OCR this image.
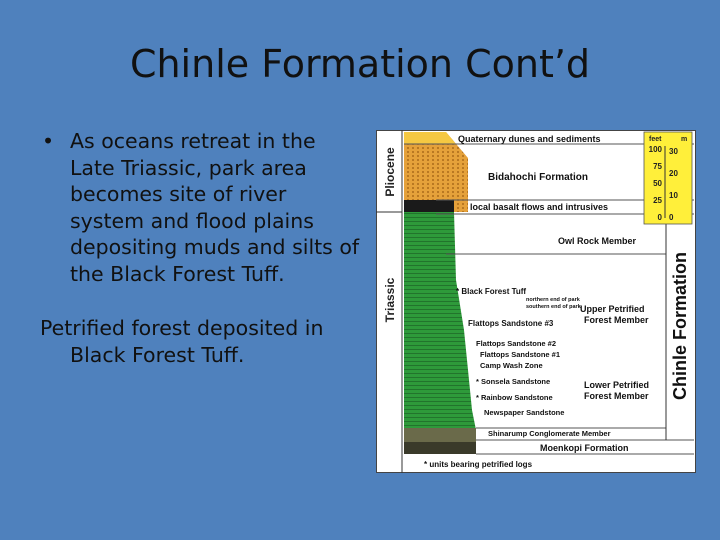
Chinle Formation Cont’d
• As oceans retreat in the Late Triassic, park area becomes site of river system and flood plains depositing muds and silts of the Black Forest Tuff.
Petrified forest deposited in Black Forest Tuff.
Pliocene
Triassic	Chinle Formation
feet	m
100
75
50
25
0
30
20
10
0
Quaternary dunes and sediments
Bidahochi Formation
local basalt flows and intrusives
Owl Rock Member
* Black Forest Tuff
northern end of park
southern end of park
Flattops Sandstone #3
Flattops Sandstone #2
Flattops Sandstone #1
Camp Wash Zone
* Sonsela Sandstone
* Rainbow Sandstone
Newspaper Sandstone
Shinarump Conglomerate Member
Moenkopi Formation
* units bearing petrified logs
Upper Petrified
Forest Member
Lower Petrified
Forest Member
